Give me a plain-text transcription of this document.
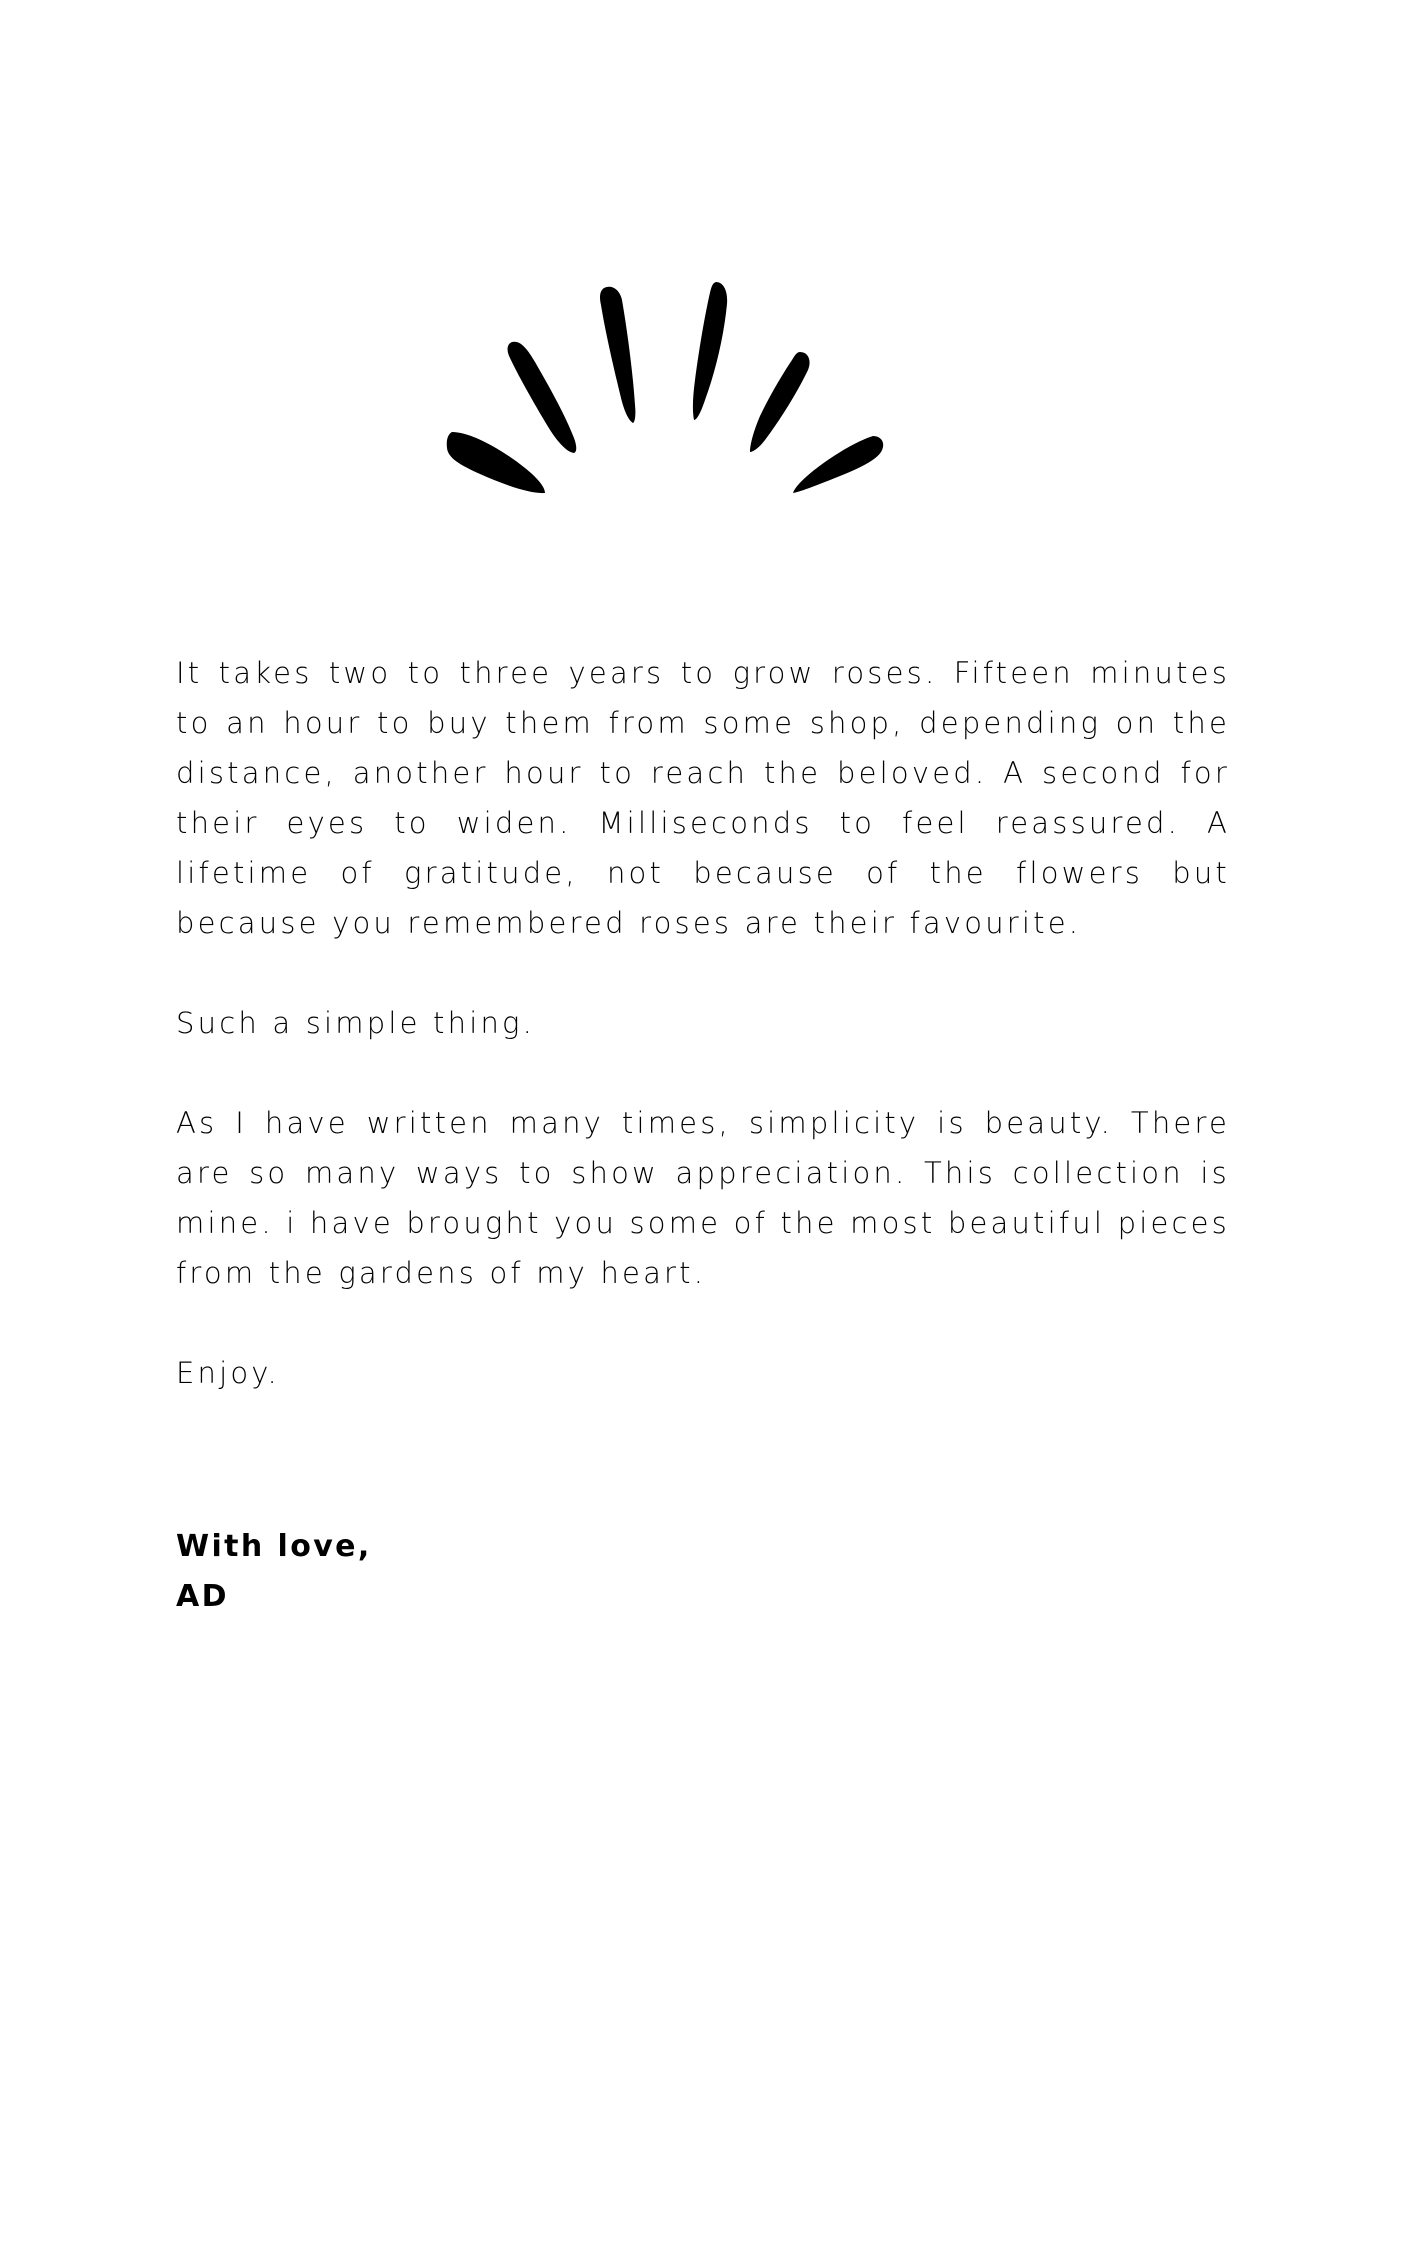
It takes two to three years to grow roses. Fifteen minutes
to an hour to buy them from some shop, depending on the
distance, another hour to reach the beloved. A second for
their eyes to widen. Milliseconds to feel reassured. A
lifetime of gratitude, not because of the flowers but
because you remembered roses are their favourite.
Such a simple thing.
As I have written many times, simplicity is beauty. There
are so many ways to show appreciation. This collection is
mine. i have brought you some of the most beautiful pieces
from the gardens of my heart.
Enjoy.
With love,
AD
